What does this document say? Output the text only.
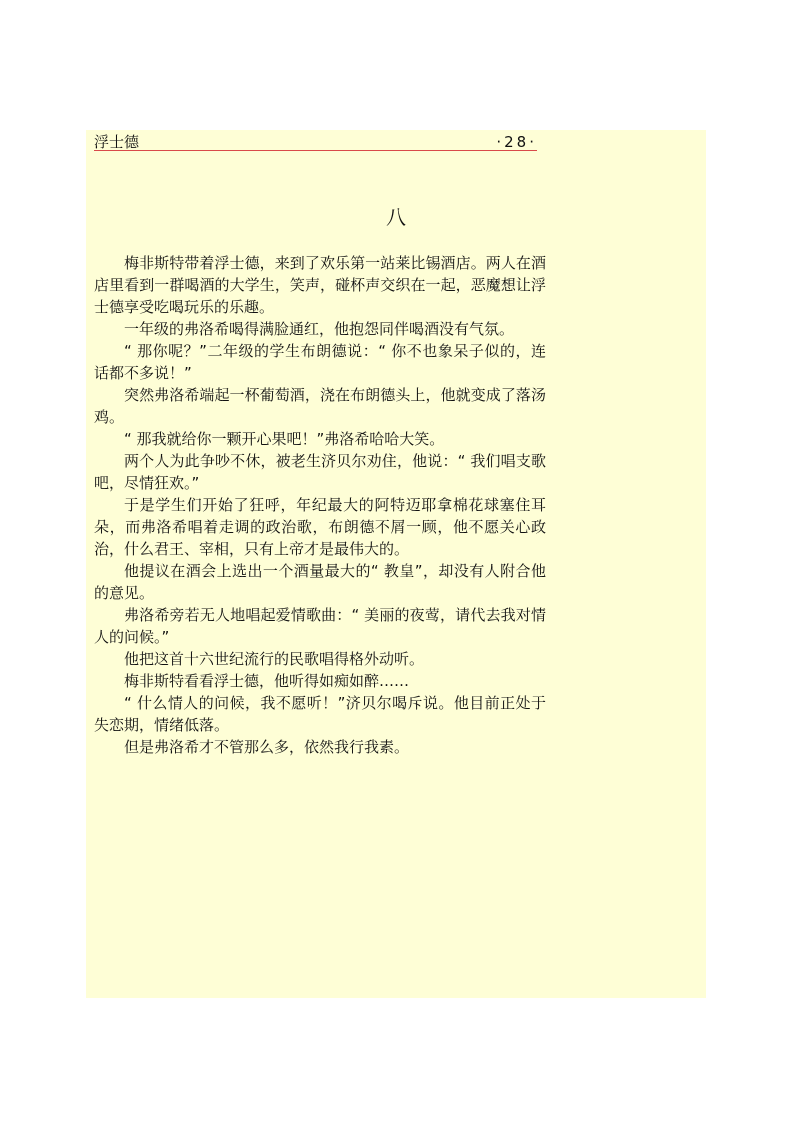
浮士德	·28·
八

梅非斯特带着浮士德，来到了欢乐第一站莱比锡酒店。两人在酒店里看到一群喝酒的大学生，笑声，碰杯声交织在一起，恶魔想让浮士德享受吃喝玩乐的乐趣。

一年级的弗洛希喝得满脸通红，他抱怨同伴喝酒没有气氛。

“ 那你呢？”二年级的学生布朗德说：“ 你不也象呆子似的，连话都不多说！”

突然弗洛希端起一杯葡萄酒，浇在布朗德头上，他就变成了落汤鸡。

“ 那我就给你一颗开心果吧！”弗洛希哈哈大笑。

两个人为此争吵不休，被老生济贝尔劝住，他说：“ 我们唱支歌吧，尽情狂欢。”

于是学生们开始了狂呼，年纪最大的阿特迈耶拿棉花球塞住耳朵，而弗洛希唱着走调的政治歌，布朗德不屑一顾，他不愿关心政治，什么君王、宰相，只有上帝才是最伟大的。

他提议在酒会上选出一个酒量最大的“ 教皇”，却没有人附合他的意见。

弗洛希旁若无人地唱起爱情歌曲：“ 美丽的夜莺，请代去我对情人的问候。”

他把这首十六世纪流行的民歌唱得格外动听。

梅非斯特看看浮士德，他听得如痴如醉……

“ 什么情人的问候，我不愿听！”济贝尔喝斥说。他目前正处于失恋期，情绪低落。

但是弗洛希才不管那么多，依然我行我素。
